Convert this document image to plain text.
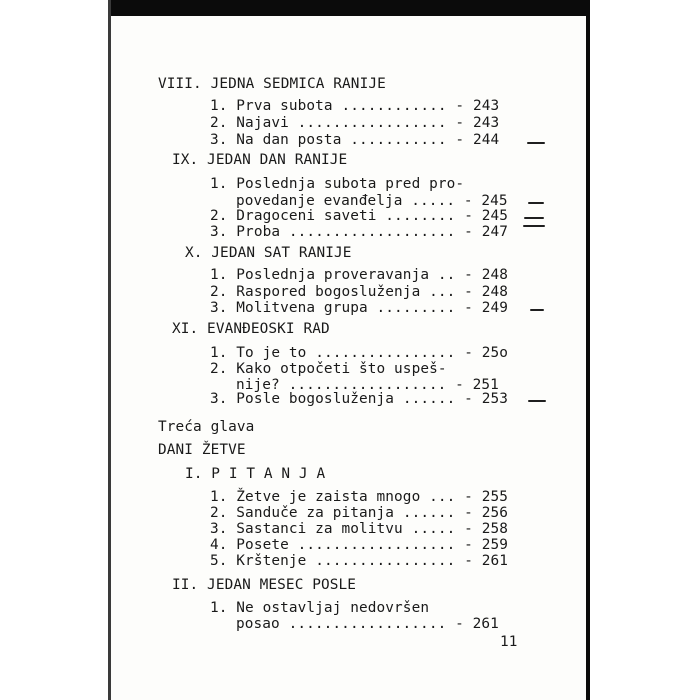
VIII. JEDNA SEDMICA RANIJE
1. Prva subota ............ - 243
2. Najavi ................. - 243
3. Na dan posta ........... - 244
IX. JEDAN DAN RANIJE
1. Poslednja subota pred pro-
povedanje evanđelja ..... - 245
2. Dragoceni saveti ........ - 245
3. Proba ................... - 247
X. JEDAN SAT RANIJE
1. Poslednja proveravanja .. - 248
2. Raspored bogosluženja ... - 248
3. Molitvena grupa ......... - 249
XI. EVANĐEOSKI RAD
1. To je to ................ - 25o
2. Kako otpočeti što uspeš-
nije? .................. - 251
3. Posle bogosluženja ...... - 253
Treća glava
DANI ŽETVE
I. P I T A N J A
1. Žetve je zaista mnogo ... - 255
2. Sanduče za pitanja ...... - 256
3. Sastanci za molitvu ..... - 258
4. Posete .................. - 259
5. Krštenje ................ - 261
II. JEDAN MESEC POSLE
1. Ne ostavljaj nedovršen
posao .................. - 261
11
